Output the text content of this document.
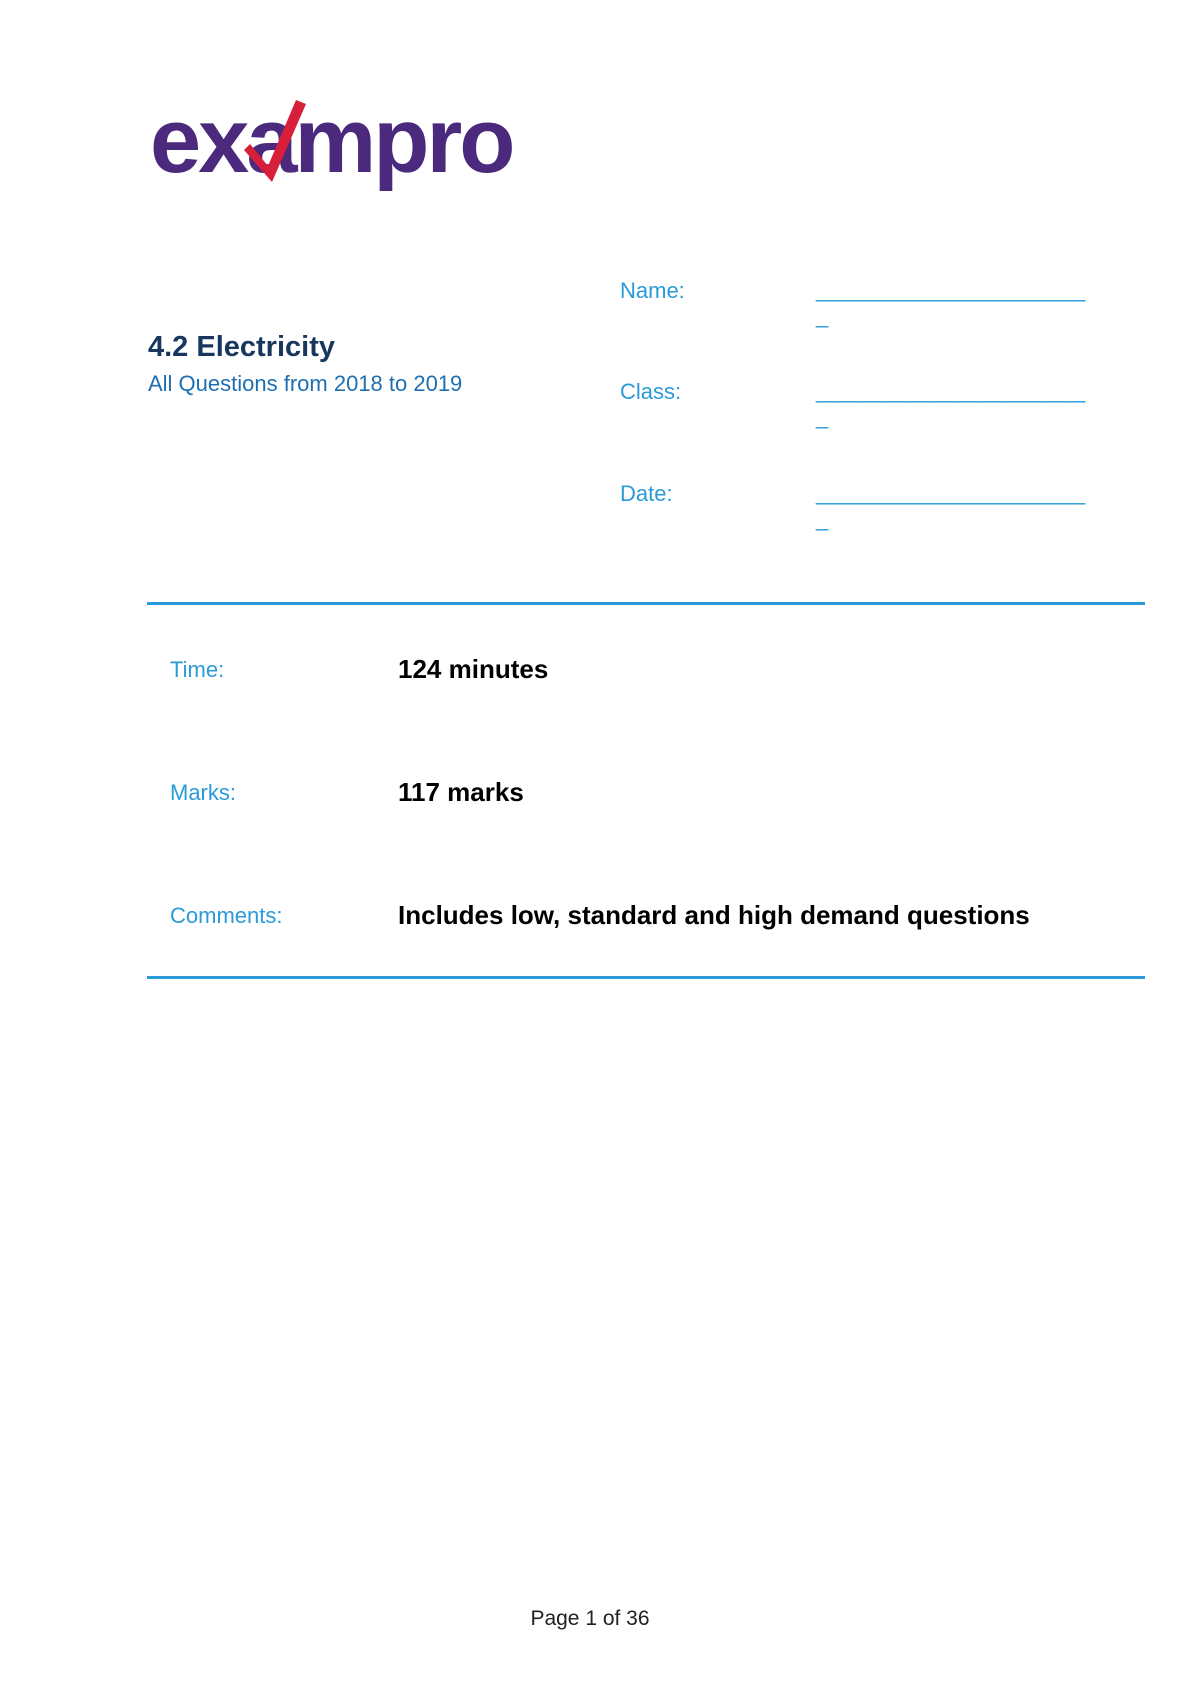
exampro
4.2 Electricity
All Questions from 2018 to 2019
Name:	______________________
_
Class:	______________________
_
Date:	______________________
_
Time:	124 minutes
Marks:	117 marks
Comments:	Includes low, standard and high demand questions
Page 1 of 36
